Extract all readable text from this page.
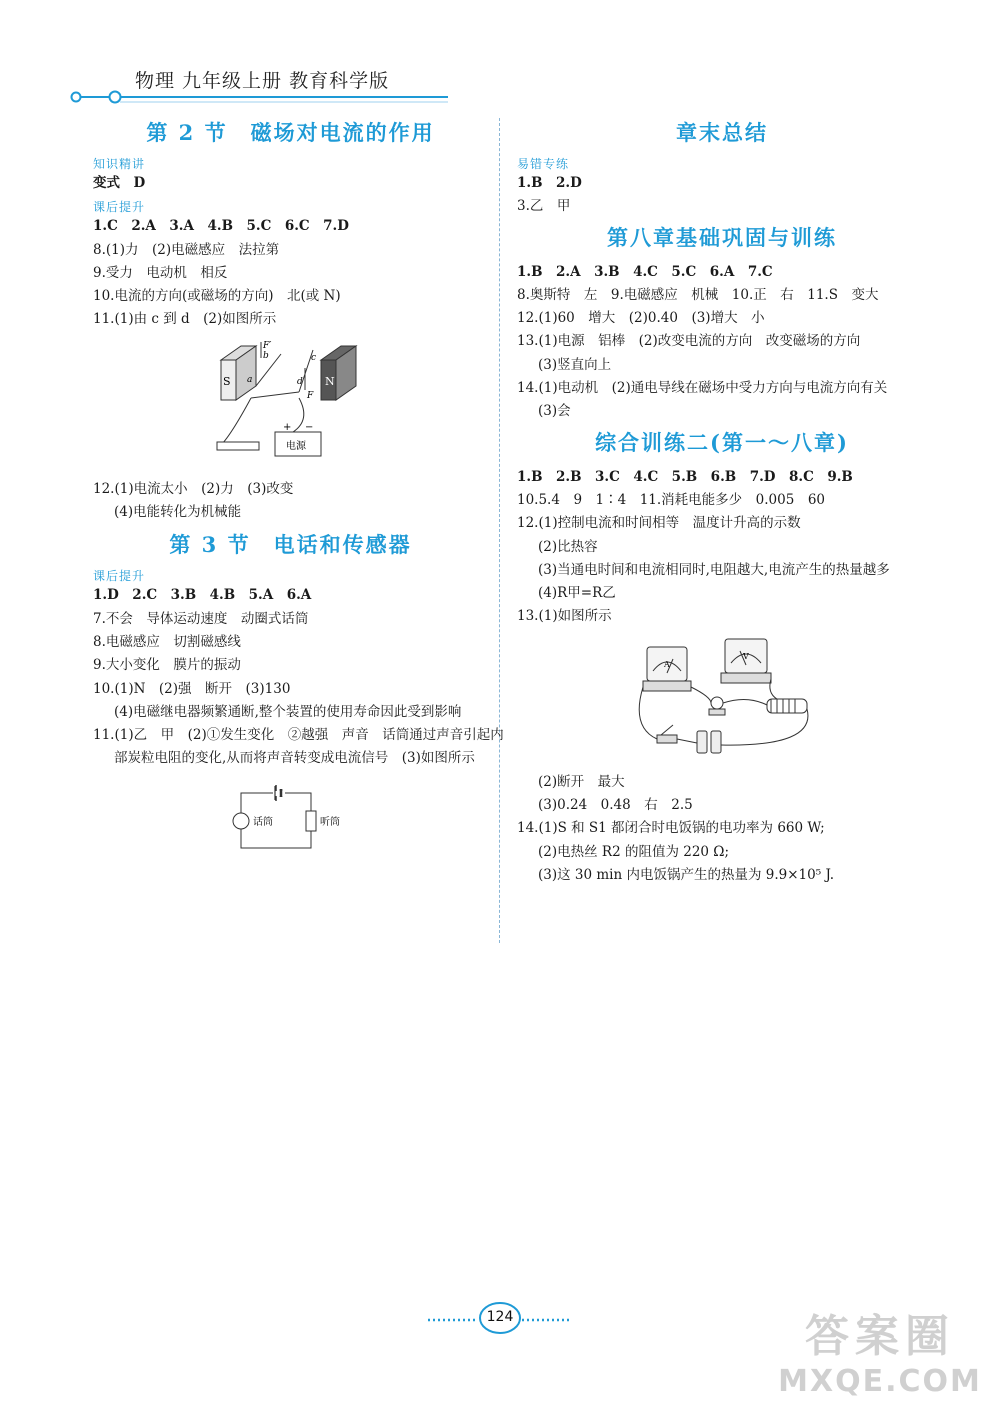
物理 九年级上册 教育科学版
第 2 节　磁场对电流的作用
知识精讲
变式　D
课后提升
1.C　2.A　3.A　4.B　5.C　6.C　7.D
8.(1)力　(2)电磁感应　法拉第
9.受力　电动机　相反
10.电流的方向(或磁场的方向)　北(或 N)
11.(1)由 c 到 d　(2)如图所示
S	N
a
b	c
d
F′
F
+ −
电源
12.(1)电流太小　(2)力　(3)改变
(4)电能转化为机械能
第 3 节　电话和传感器
课后提升
1.D　2.C　3.B　4.B　5.A　6.A
7.不会　导体运动速度　动圈式话筒
8.电磁感应　切割磁感线
9.大小变化　膜片的振动
10.(1)N　(2)强　断开　(3)130
(4)电磁继电器频繁通断,整个装置的使用寿命因此受到影响
11.(1)乙　甲　(2)①发生变化　②越强　声音　话筒通过声音引起内部炭粒电阻的变化,从而将声音转变成电流信号　(3)如图所示
话筒	听筒
章末总结
易错专练
1.B　2.D
3.乙　甲
第八章基础巩固与训练
1.B　2.A　3.B　4.C　5.C　6.A　7.C
8.奥斯特　左　9.电磁感应　机械　10.正　右　11.S　变大
12.(1)60　增大　(2)0.40　(3)增大　小
13.(1)电源　铝棒　(2)改变电流的方向　改变磁场的方向
(3)竖直向上
14.(1)电动机　(2)通电导线在磁场中受力方向与电流方向有关
(3)会
综合训练二(第一～八章)
1.B　2.B　3.C　4.C　5.B　6.B　7.D　8.C　9.B
10.5.4　9　1∶4　11.消耗电能多少　0.005　60
12.(1)控制电流和时间相等　温度计升高的示数
(2)比热容
(3)当通电时间和电流相同时,电阻越大,电流产生的热量越多
(4)R甲=R乙
13.(1)如图所示
A
V
(2)断开　最大
(3)0.24　0.48　右　2.5
14.(1)S 和 S1 都闭合时电饭锅的电功率为 660 W;
(2)电热丝 R2 的阻值为 220 Ω;
(3)这 30 min 内电饭锅产生的热量为 9.9×10⁵ J.
124	答案圈
MXQE.COM
